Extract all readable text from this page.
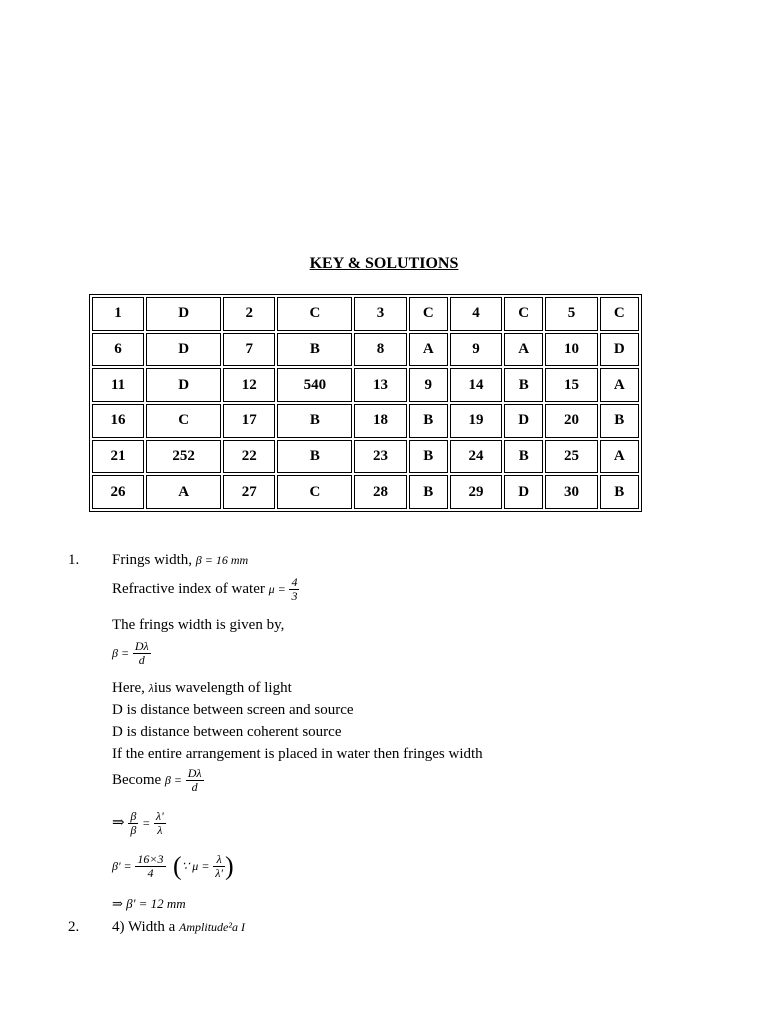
KEY & SOLUTIONS
1	D	2	C	3	C	4	C	5	C
6	D	7	B	8	A	9	A	10	D
11	D	12	540	13	9	14	B	15	A
16	C	17	B	18	B	19	D	20	B
21	252	22	B	23	B	24	B	25	A
26	A	27	C	28	B	29	D	30	B
1. Frings width, β = 16 mm
Refractive index of water $\mu = \frac{4}{3}$
The frings width is given by,
$\beta = \frac{D\lambda}{d}$
Here, λius wavelength of light
D is distance between screen and source
D is distance between coherent source
If the entire arrangement is placed in water then fringes width
Become $\beta = \frac{D\lambda}{d}$
⇒ $\frac{\beta}{\beta} = \frac{\lambda'}{\lambda}$
$\beta' = \frac{16\times 3}{4}$ (∵ $\mu = \frac{\lambda}{\lambda'}$ )
⇒ β' = 12 mm
2. 4) Width a Amplitude²a I
